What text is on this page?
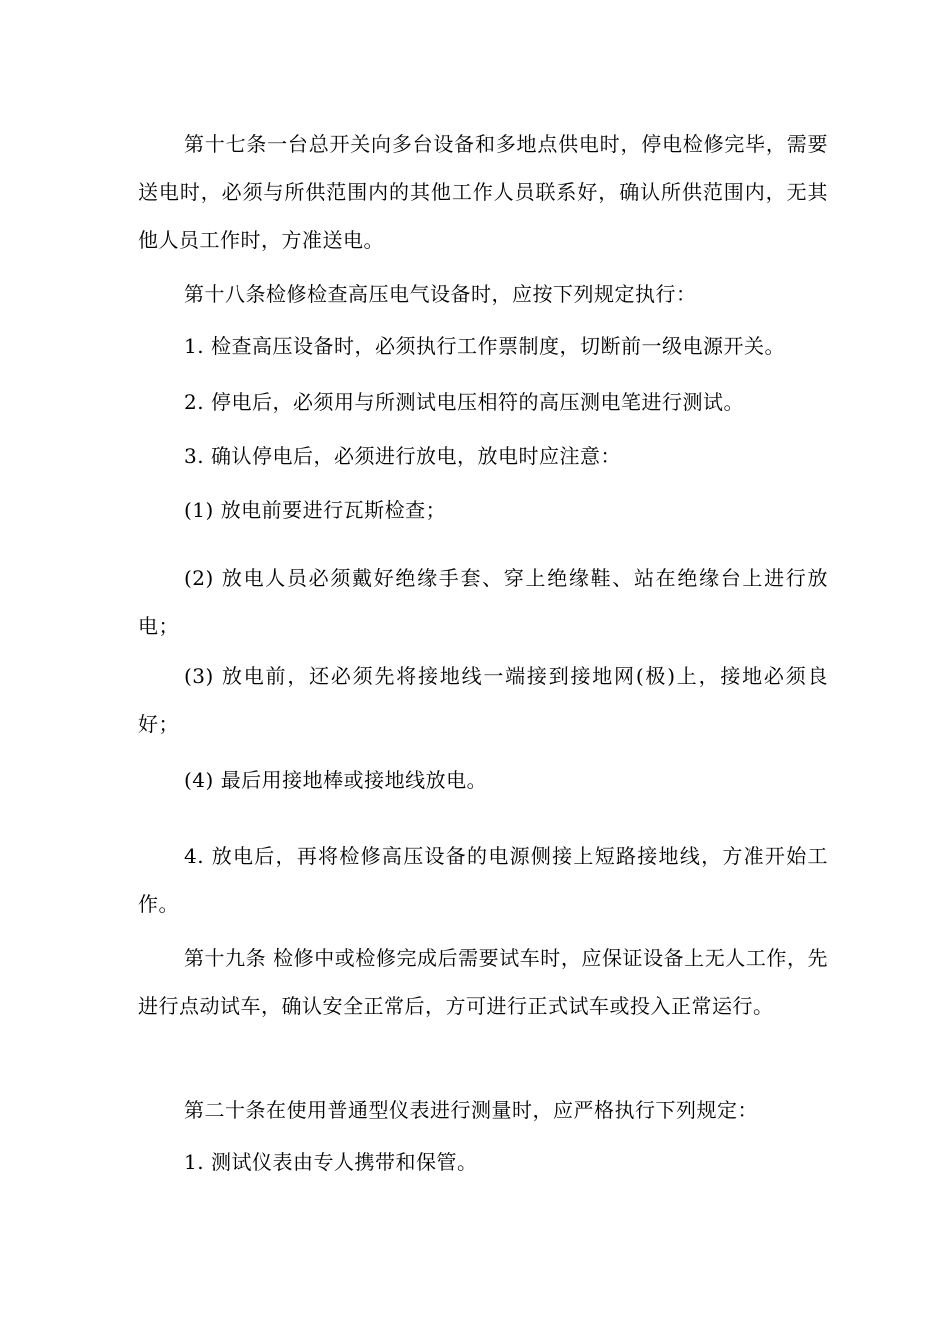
第十七条一台总开关向多台设备和多地点供电时，停电检修完毕，需要送电时，必须与所供范围内的其他工作人员联系好，确认所供范围内，无其他人员工作时，方准送电。

第十八条检修检查高压电气设备时，应按下列规定执行：

1. 检查高压设备时，必须执行工作票制度，切断前一级电源开关。

2. 停电后，必须用与所测试电压相符的高压测电笔进行测试。

3. 确认停电后，必须进行放电，放电时应注意：

(1) 放电前要进行瓦斯检查；

(2) 放电人员必须戴好绝缘手套、穿上绝缘鞋、站在绝缘台上进行放电；

(3) 放电前，还必须先将接地线一端接到接地网(极)上，接地必须良好；

(4) 最后用接地棒或接地线放电。

4. 放电后，再将检修高压设备的电源侧接上短路接地线，方准开始工作。

第十九条 检修中或检修完成后需要试车时，应保证设备上无人工作，先进行点动试车，确认安全正常后，方可进行正式试车或投入正常运行。

第二十条在使用普通型仪表进行测量时，应严格执行下列规定：

1. 测试仪表由专人携带和保管。
